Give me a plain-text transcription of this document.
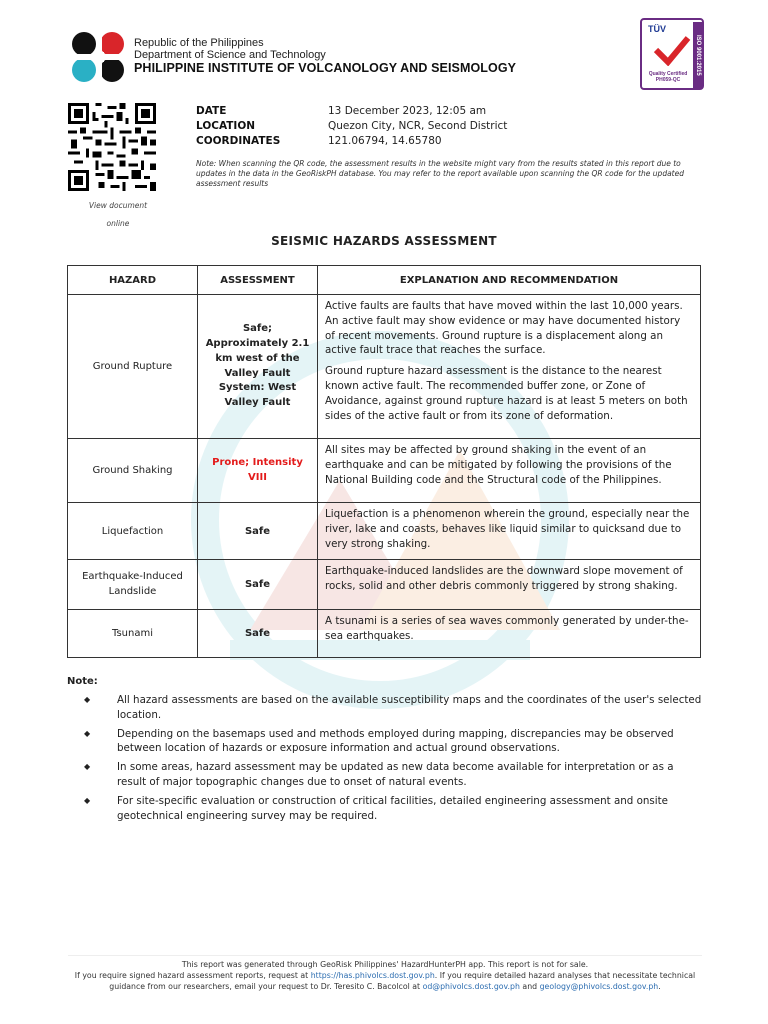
Republic of the Philippines
Department of Science and Technology
PHILIPPINE INSTITUTE OF VOLCANOLOGY AND SEISMOLOGY
TÜV
Quality Certified
PH059-QC
ISO 9001:2015
View document
online
DATE	13 December 2023, 12:05 am
LOCATION	Quezon City, NCR, Second District
COORDINATES	121.06794, 14.65780
Note: When scanning the QR code, the assessment results in the website might vary from the results stated in this report due to updates in the data in the GeoRiskPH database. You may refer to the report available upon scanning the QR code for the updated assessment results
SEISMIC HAZARDS ASSESSMENT
HAZARD	ASSESSMENT	EXPLANATION AND RECOMMENDATION
Ground Rupture	Safe; Approximately 2.1 km west of the Valley Fault System: West Valley Fault	Active faults are faults that have moved within the last 10,000 years. An active fault may show evidence or may have documented history of recent movements. Ground rupture is a displacement along an active fault trace that reaches the surface.

Ground rupture hazard assessment is the distance to the nearest known active fault. The recommended buffer zone, or Zone of Avoidance, against ground rupture hazard is at least 5 meters on both sides of the active fault or from its zone of deformation.

Ground Shaking	Prone; Intensity VIII	All sites may be affected by ground shaking in the event of an earthquake and can be mitigated by following the provisions of the National Building code and the Structural code of the Philippines.

Liquefaction	Safe	Liquefaction is a phenomenon wherein the ground, especially near the river, lake and coasts, behaves like liquid similar to quicksand due to very strong shaking.

Earthquake-Induced Landslide	Safe	Earthquake-induced landslides are the downward slope movement of rocks, solid and other debris commonly triggered by strong shaking.

Tsunami	Safe	A tsunami is a series of sea waves commonly generated by under-the-sea earthquakes.

Note:
◆	All hazard assessments are based on the available susceptibility maps and the coordinates of the user's selected location.
◆	Depending on the basemaps used and methods employed during mapping, discrepancies may be observed between location of hazards or exposure information and actual ground observations.
◆	In some areas, hazard assessment may be updated as new data become available for interpretation or as a result of major topographic changes due to onset of natural events.
◆	For site-specific evaluation or construction of critical facilities, detailed engineering assessment and onsite geotechnical engineering survey may be required.
This report was generated through GeoRisk Philippines' HazardHunterPH app. This report is not for sale.
If you require signed hazard assessment reports, request at https://has.phivolcs.dost.gov.ph. If you require detailed hazard analyses that necessitate technical guidance from our researchers, email your request to Dr. Teresito C. Bacolcol at od@phivolcs.dost.gov.ph and geology@phivolcs.dost.gov.ph.
